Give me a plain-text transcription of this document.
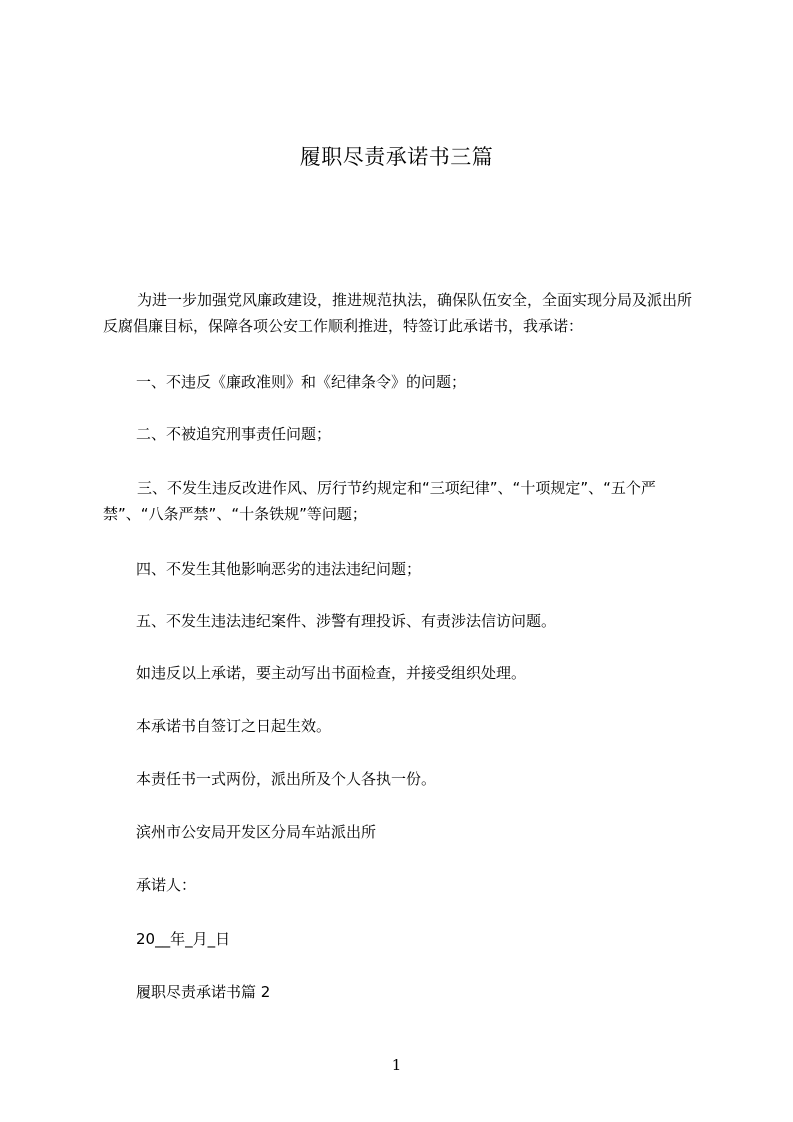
履职尽责承诺书三篇
为进一步加强党风廉政建设，推进规范执法，确保队伍安全，全面实现分局及派出所反腐倡廉目标，保障各项公安工作顺利推进，特签订此承诺书，我承诺：
一、不违反《廉政准则》和《纪律条令》的问题；
二、不被追究刑事责任问题；
三、不发生违反改进作风、厉行节约规定和“三项纪律”、“十项规定”、“五个严禁”、“八条严禁”、“十条铁规”等问题；
四、不发生其他影响恶劣的违法违纪问题；
五、不发生违法违纪案件、涉警有理投诉、有责涉法信访问题。
如违反以上承诺，要主动写出书面检查，并接受组织处理。
本承诺书自签订之日起生效。
本责任书一式两份，派出所及个人各执一份。
滨州市公安局开发区分局车站派出所
承诺人：
20__年_月_日
履职尽责承诺书篇 2
1
